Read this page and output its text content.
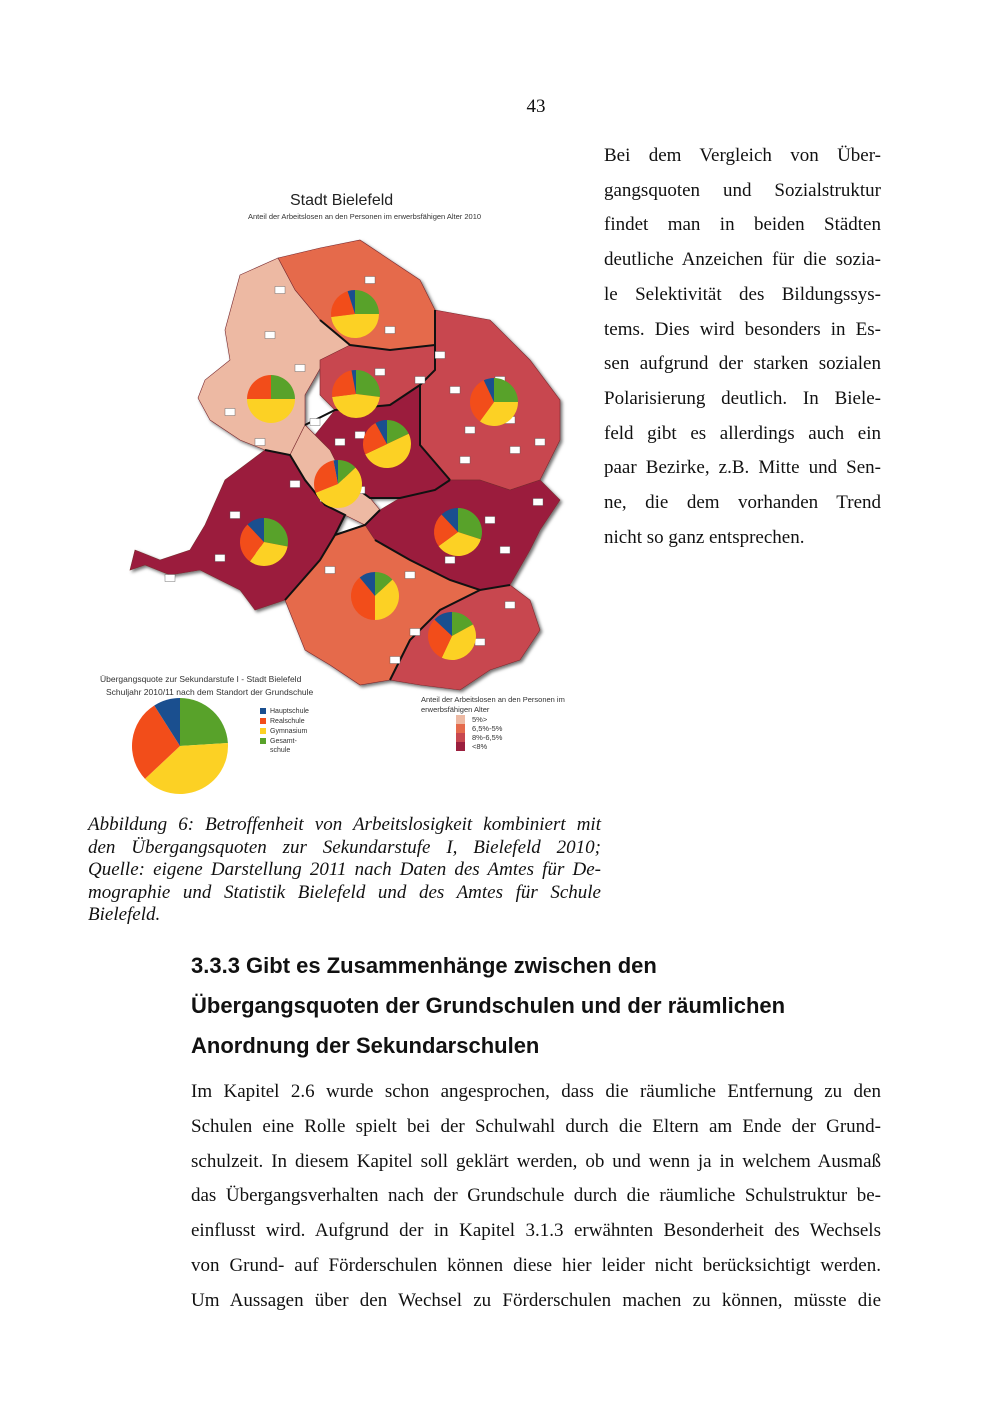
43
Bei dem Vergleich von Über-
gangsquoten und Sozialstruktur
findet man in beiden Städten
deutliche Anzeichen für die sozia-
le Selektivität des Bildungssys-
tems. Dies wird besonders in Es-
sen aufgrund der starken sozialen
Polarisierung deutlich. In Biele-
feld gibt es allerdings auch ein
paar Bezirke, z.B. Mitte und Sen-
ne, die dem vorhanden Trend
nicht so ganz entsprechen.
Stadt Bielefeld
Anteil der Arbeitslosen an den Personen im erwerbsfähigen Alter 2010
Übergangsquote zur Sekundarstufe I - Stadt Bielefeld
Schuljahr 2010/11 nach dem Standort der Grundschule
Hauptschule
Realschule
Gymnasium
Gesamt-schule
Anteil der Arbeitslosen an den Personen im erwerbsfähigen Alter
5%>
6,5%-5%
8%-6,5%
<8%
Abbildung 6: Betroffenheit von Arbeitslosigkeit kombiniert mit
den Übergangsquoten zur Sekundarstufe I, Bielefeld 2010;
Quelle: eigene Darstellung 2011 nach Daten des Amtes für De-
mographie und Statistik Bielefeld und des Amtes für Schule
Bielefeld.
3.3.3 Gibt es Zusammenhänge zwischen den
Übergangsquoten der Grundschulen und der räumlichen
Anordnung der Sekundarschulen
Im Kapitel 2.6 wurde schon angesprochen, dass die räumliche Entfernung zu den
Schulen eine Rolle spielt bei der Schulwahl durch die Eltern am Ende der Grund-
schulzeit. In diesem Kapitel soll geklärt werden, ob und wenn ja in welchem Ausmaß
das Übergangsverhalten nach der Grundschule durch die räumliche Schulstruktur be-
einflusst wird. Aufgrund der in Kapitel 3.1.3 erwähnten Besonderheit des Wechsels
von Grund- auf Förderschulen können diese hier leider nicht berücksichtigt werden.
Um Aussagen über den Wechsel zu Förderschulen machen zu können, müsste die
